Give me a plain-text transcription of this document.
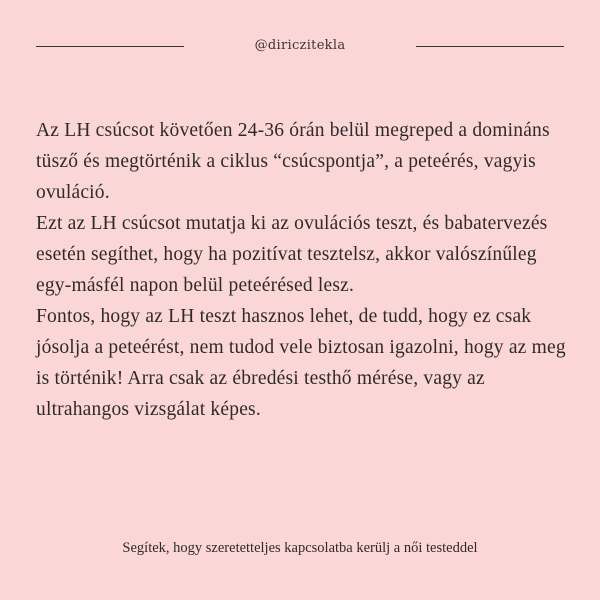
@diriczitekla

Az LH csúcsot követően 24-36 órán belül megreped a domináns tüsző és megtörténik a ciklus “csúcspontja”, a peteérés, vagyis ovuláció.

Ezt az LH csúcsot mutatja ki az ovulációs teszt, és babatervezés esetén segíthet, hogy ha pozitívat tesztelsz, akkor valószínűleg egy-másfél napon belül peteérésed lesz.

Fontos, hogy az LH teszt hasznos lehet, de tudd, hogy ez csak jósolja a peteérést, nem tudod vele biztosan igazolni, hogy az meg is történik! Arra csak az ébredési testhő mérése, vagy az ultrahangos vizsgálat képes.

Segítek, hogy szeretetteljes kapcsolatba kerülj a női testeddel
